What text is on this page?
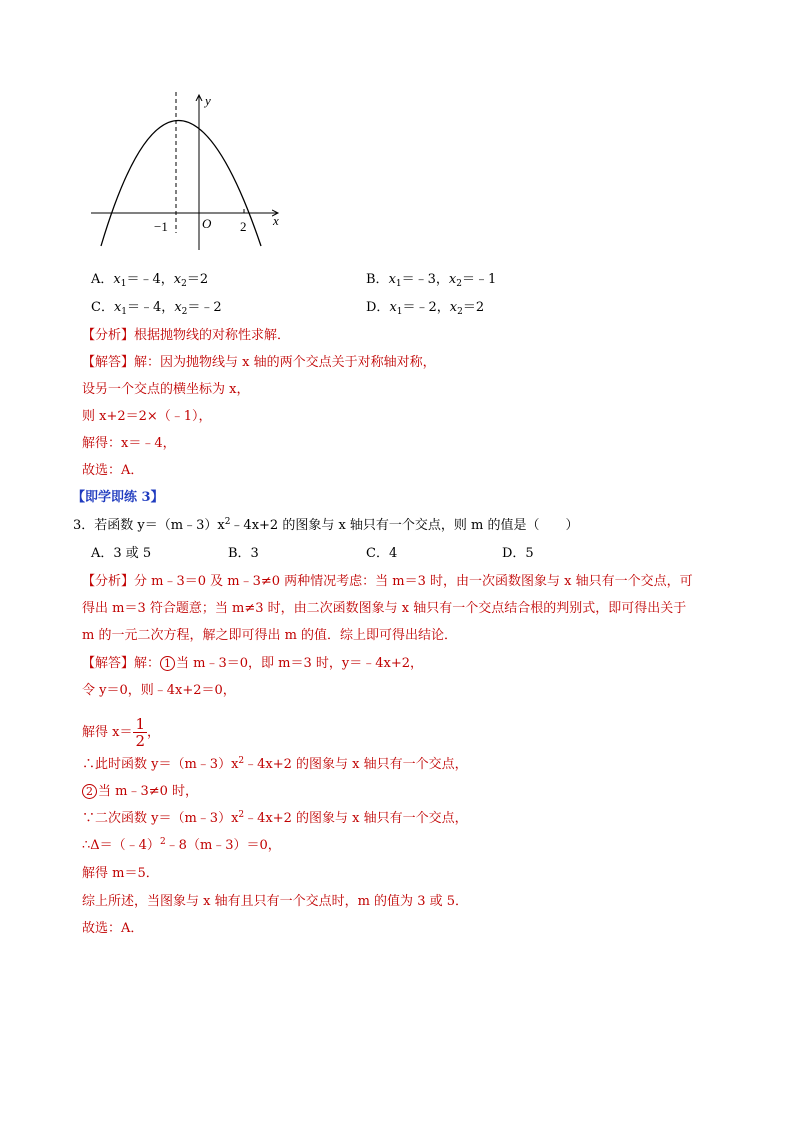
y
x
O
−1	2
A．$x_1=﹣4$，$x_2=2$	B．$x_1=﹣3$，$x_2=﹣1$
C．$x_1=﹣4$，$x_2=﹣2$	D．$x_1=﹣2$，$x_2=2$
【分析】根据抛物线的对称性求解．
【解答】解：因为抛物线与 x 轴的两个交点关于对称轴对称，
设另一个交点的横坐标为 x，
则 x+2＝2×（﹣1），
解得：x＝﹣4，
故选：A．
【即学即练 3】
3．若函数 $y=(m﹣3)x^2﹣4x+2$ 的图象与 x 轴只有一个交点，则 m 的值是（　　）
A．3 或 5	B．3	C．4	D．5
【分析】分 m﹣3＝0 及 m﹣3≠0 两种情况考虑：当 m＝3 时，由一次函数图象与 x 轴只有一个交点，可
得出 m＝3 符合题意；当 m≠3 时，由二次函数图象与 x 轴只有一个交点结合根的判别式，即可得出关于
m 的一元二次方程，解之即可得出 m 的值．综上即可得出结论．
【解答】解： 1 当 m﹣3＝0，即 m＝3 时，y＝﹣4x+2，
令 y＝0，则﹣4x+2＝0，
解得 $x= \frac{1}{2}$ ，
∴此时函数 $y=(m﹣3)x^2﹣4x+2$ 的图象与 x 轴只有一个交点，
2 当 m﹣3≠0 时，
∵二次函数 $y=(m﹣3)x^2﹣4x+2$ 的图象与 x 轴只有一个交点，
∴Δ＝（﹣4）$^2$﹣8（m﹣3）＝0，
解得 m＝5．
综上所述，当图象与 x 轴有且只有一个交点时，m 的值为 3 或 5．
故选：A．
